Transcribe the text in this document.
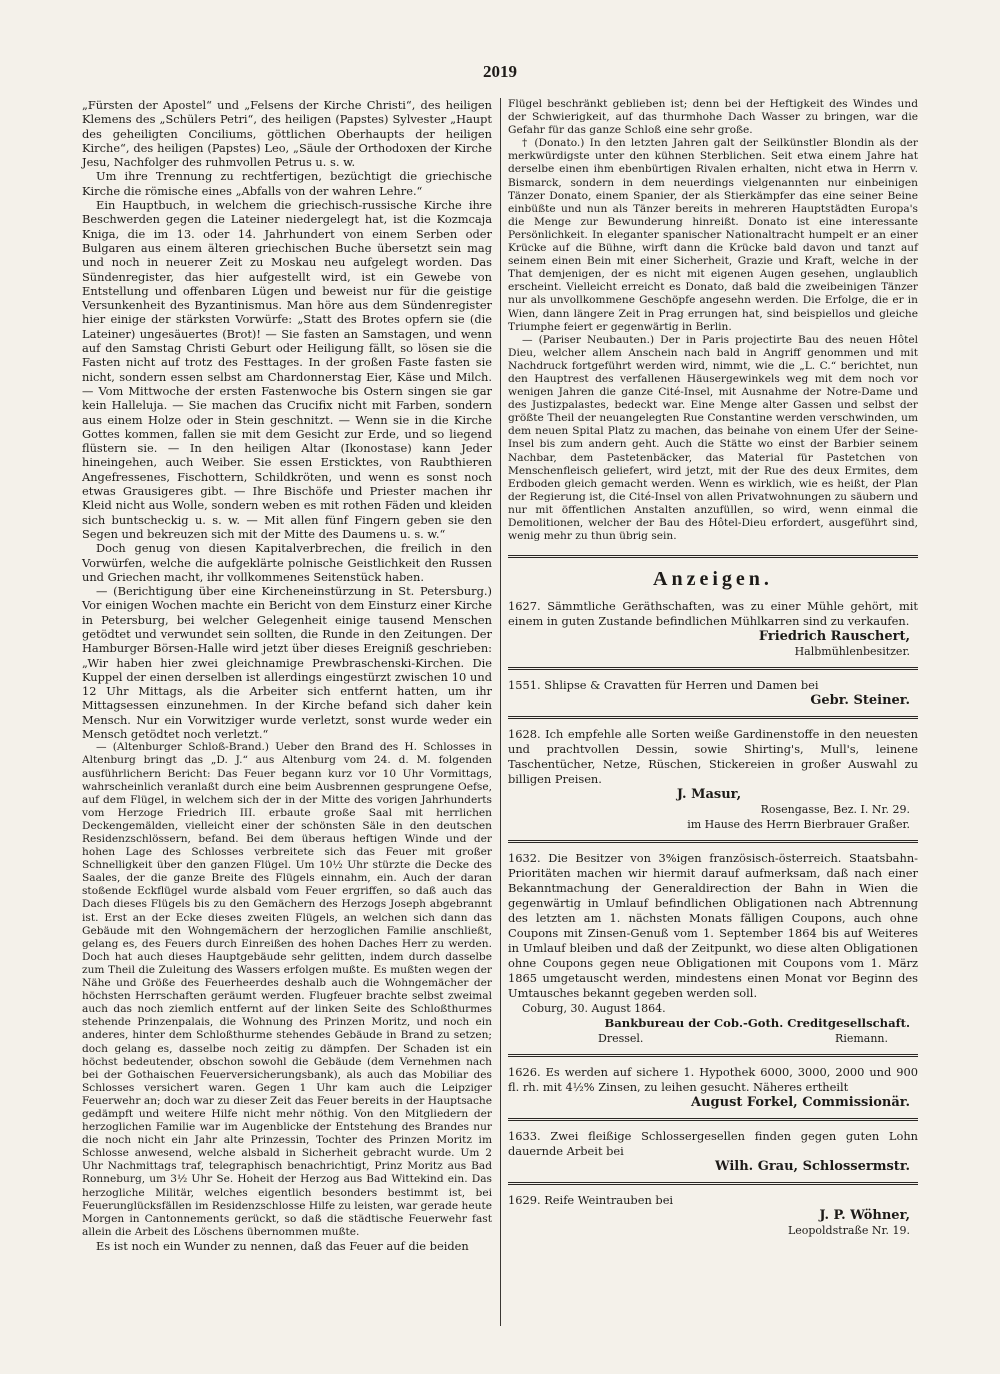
2019

„Fürsten der Apostel“ und „Felsens der Kirche Christi“, des heiligen Klemens des „Schülers Petri“, des heiligen (Papstes) Sylvester „Haupt des geheiligten Conciliums, göttlichen Oberhaupts der heiligen Kirche“, des heiligen (Papstes) Leo, „Säule der Orthodoxen der Kirche Jesu, Nachfolger des ruhmvollen Petrus u. s. w.

Um ihre Trennung zu rechtfertigen, bezüchtigt die griechische Kirche die römische eines „Abfalls von der wahren Lehre.“

Ein Hauptbuch, in welchem die griechisch-russische Kirche ihre Beschwerden gegen die Lateiner niedergelegt hat, ist die Kozmcaja Kniga, die im 13. oder 14. Jahrhundert von einem Serben oder Bulgaren aus einem älteren griechischen Buche übersetzt sein mag und noch in neuerer Zeit zu Moskau neu aufgelegt worden. Das Sündenregister, das hier aufgestellt wird, ist ein Gewebe von Entstellung und offenbaren Lügen und beweist nur für die geistige Versunkenheit des Byzantinismus. Man höre aus dem Sündenregister hier einige der stärksten Vorwürfe: „Statt des Brotes opfern sie (die Lateiner) ungesäuertes (Brot)! — Sie fasten an Samstagen, und wenn auf den Samstag Christi Geburt oder Heiligung fällt, so lösen sie die Fasten nicht auf trotz des Festtages. In der großen Faste fasten sie nicht, sondern essen selbst am Chardonnerstag Eier, Käse und Milch. — Vom Mittwoche der ersten Fastenwoche bis Ostern singen sie gar kein Halleluja. — Sie machen das Crucifix nicht mit Farben, sondern aus einem Holze oder in Stein geschnitzt. — Wenn sie in die Kirche Gottes kommen, fallen sie mit dem Gesicht zur Erde, und so liegend flüstern sie. — In den heiligen Altar (Ikonostase) kann Jeder hineingehen, auch Weiber. Sie essen Ersticktes, von Raubthieren Angefressenes, Fischottern, Schildkröten, und wenn es sonst noch etwas Grausigeres gibt. — Ihre Bischöfe und Priester machen ihr Kleid nicht aus Wolle, sondern weben es mit rothen Fäden und kleiden sich buntscheckig u. s. w. — Mit allen fünf Fingern geben sie den Segen und bekreuzen sich mit der Mitte des Daumens u. s. w.“

Doch genug von diesen Kapitalverbrechen, die freilich in den Vorwürfen, welche die aufgeklärte polnische Geistlichkeit den Russen und Griechen macht, ihr vollkommenes Seitenstück haben.

— (Berichtigung über eine Kircheneinstürzung in St. Petersburg.) Vor einigen Wochen machte ein Bericht von dem Einsturz einer Kirche in Petersburg, bei welcher Gelegenheit einige tausend Menschen getödtet und verwundet sein sollten, die Runde in den Zeitungen. Der Hamburger Börsen-Halle wird jetzt über dieses Ereigniß geschrieben: „Wir haben hier zwei gleichnamige Prewbraschenski-Kirchen. Die Kuppel der einen derselben ist allerdings eingestürzt zwischen 10 und 12 Uhr Mittags, als die Arbeiter sich entfernt hatten, um ihr Mittagsessen einzunehmen. In der Kirche befand sich daher kein Mensch. Nur ein Vorwitziger wurde verletzt, sonst wurde weder ein Mensch getödtet noch verletzt.“

— (Altenburger Schloß-Brand.) Ueber den Brand des H. Schlosses in Altenburg bringt das „D. J.“ aus Altenburg vom 24. d. M. folgenden ausführlichern Bericht: Das Feuer begann kurz vor 10 Uhr Vormittags, wahrscheinlich veranlaßt durch eine beim Ausbrennen gesprungene Oefse, auf dem Flügel, in welchem sich der in der Mitte des vorigen Jahrhunderts vom Herzoge Friedrich III. erbaute große Saal mit herrlichen Deckengemälden, vielleicht einer der schönsten Säle in den deutschen Residenzschlössern, befand. Bei dem überaus heftigen Winde und der hohen Lage des Schlosses verbreitete sich das Feuer mit großer Schnelligkeit über den ganzen Flügel. Um 10½ Uhr stürzte die Decke des Saales, der die ganze Breite des Flügels einnahm, ein. Auch der daran stoßende Eckflügel wurde alsbald vom Feuer ergriffen, so daß auch das Dach dieses Flügels bis zu den Gemächern des Herzogs Joseph abgebrannt ist. Erst an der Ecke dieses zweiten Flügels, an welchen sich dann das Gebäude mit den Wohngemächern der herzoglichen Familie anschließt, gelang es, des Feuers durch Einreißen des hohen Daches Herr zu werden. Doch hat auch dieses Hauptgebäude sehr gelitten, indem durch dasselbe zum Theil die Zuleitung des Wassers erfolgen mußte. Es mußten wegen der Nähe und Größe des Feuerheerdes deshalb auch die Wohngemächer der höchsten Herrschaften geräumt werden. Flugfeuer brachte selbst zweimal auch das noch ziemlich entfernt auf der linken Seite des Schloßthurmes stehende Prinzenpalais, die Wohnung des Prinzen Moritz, und noch ein anderes, hinter dem Schloßthurme stehendes Gebäude in Brand zu setzen; doch gelang es, dasselbe noch zeitig zu dämpfen. Der Schaden ist ein höchst bedeutender, obschon sowohl die Gebäude (dem Vernehmen nach bei der Gothaischen Feuerversicherungsbank), als auch das Mobiliar des Schlosses versichert waren. Gegen 1 Uhr kam auch die Leipziger Feuerwehr an; doch war zu dieser Zeit das Feuer bereits in der Hauptsache gedämpft und weitere Hilfe nicht mehr nöthig. Von den Mitgliedern der herzoglichen Familie war im Augenblicke der Entstehung des Brandes nur die noch nicht ein Jahr alte Prinzessin, Tochter des Prinzen Moritz im Schlosse anwesend, welche alsbald in Sicherheit gebracht wurde. Um 2 Uhr Nachmittags traf, telegraphisch benachrichtigt, Prinz Moritz aus Bad Ronneburg, um 3½ Uhr Se. Hoheit der Herzog aus Bad Wittekind ein. Das herzogliche Militär, welches eigentlich besonders bestimmt ist, bei Feuerunglücksfällen im Residenzschlosse Hilfe zu leisten, war gerade heute Morgen in Cantonnements gerückt, so daß die städtische Feuerwehr fast allein die Arbeit des Löschens übernommen mußte.

Es ist noch ein Wunder zu nennen, daß das Feuer auf die beiden

Flügel beschränkt geblieben ist; denn bei der Heftigkeit des Windes und der Schwierigkeit, auf das thurmhohe Dach Wasser zu bringen, war die Gefahr für das ganze Schloß eine sehr große.

† (Donato.) In den letzten Jahren galt der Seilkünstler Blondin als der merkwürdigste unter den kühnen Sterblichen. Seit etwa einem Jahre hat derselbe einen ihm ebenbürtigen Rivalen erhalten, nicht etwa in Herrn v. Bismarck, sondern in dem neuerdings vielgenannten nur einbeinigen Tänzer Donato, einem Spanier, der als Stierkämpfer das eine seiner Beine einbüßte und nun als Tänzer bereits in mehreren Hauptstädten Europa's die Menge zur Bewunderung hinreißt. Donato ist eine interessante Persönlichkeit. In eleganter spanischer Nationaltracht humpelt er an einer Krücke auf die Bühne, wirft dann die Krücke bald davon und tanzt auf seinem einen Bein mit einer Sicherheit, Grazie und Kraft, welche in der That demjenigen, der es nicht mit eigenen Augen gesehen, unglaublich erscheint. Vielleicht erreicht es Donato, daß bald die zweibeinigen Tänzer nur als unvollkommene Geschöpfe angesehn werden. Die Erfolge, die er in Wien, dann längere Zeit in Prag errungen hat, sind beispiellos und gleiche Triumphe feiert er gegenwärtig in Berlin.

— (Pariser Neubauten.) Der in Paris projectirte Bau des neuen Hôtel Dieu, welcher allem Anschein nach bald in Angriff genommen und mit Nachdruck fortgeführt werden wird, nimmt, wie die „L. C.“ berichtet, nun den Hauptrest des verfallenen Häusergewinkels weg mit dem noch vor wenigen Jahren die ganze Cité-Insel, mit Ausnahme der Notre-Dame und des Justizpalastes, bedeckt war. Eine Menge alter Gassen und selbst der größte Theil der neuangelegten Rue Constantine werden verschwinden, um dem neuen Spital Platz zu machen, das beinahe von einem Ufer der Seine-Insel bis zum andern geht. Auch die Stätte wo einst der Barbier seinem Nachbar, dem Pastetenbäcker, das Material für Pastetchen von Menschenfleisch geliefert, wird jetzt, mit der Rue des deux Ermites, dem Erdboden gleich gemacht werden. Wenn es wirklich, wie es heißt, der Plan der Regierung ist, die Cité-Insel von allen Privatwohnungen zu säubern und nur mit öffentlichen Anstalten anzufüllen, so wird, wenn einmal die Demolitionen, welcher der Bau des Hôtel-Dieu erfordert, ausgeführt sind, wenig mehr zu thun übrig sein.

Anzeigen.
1627. Sämmtliche Geräthschaften, was zu einer Mühle gehört, mit einem in guten Zustande befindlichen Mühlkarren sind zu verkaufen.
Friedrich Rauschert,
Halbmühlenbesitzer.
1551. Shlipse & Cravatten für Herren und Damen bei
Gebr. Steiner.
1628. Ich empfehle alle Sorten weiße Gardinenstoffe in den neuesten und prachtvollen Dessin, sowie Shirting's, Mull's, leinene Taschentücher, Netze, Rüschen, Stickereien in großer Auswahl zu billigen Preisen.
J. Masur,
Rosengasse, Bez. I. Nr. 29.
im Hause des Herrn Bierbrauer Graßer.
1632. Die Besitzer von 3%igen französisch-österreich. Staatsbahn-Prioritäten machen wir hiermit darauf aufmerksam, daß nach einer Bekanntmachung der Generaldirection der Bahn in Wien die gegenwärtig in Umlauf befindlichen Obligationen nach Abtrennung des letzten am 1. nächsten Monats fälligen Coupons, auch ohne Coupons mit Zinsen-Genuß vom 1. September 1864 bis auf Weiteres in Umlauf bleiben und daß der Zeitpunkt, wo diese alten Obligationen ohne Coupons gegen neue Obligationen mit Coupons vom 1. März 1865 umgetauscht werden, mindestens einen Monat vor Beginn des Umtausches bekannt gegeben werden soll.
Coburg, 30. August 1864.
Bankbureau der Cob.-Goth. Creditgesellschaft.
Dressel.	Riemann.
1626. Es werden auf sichere 1. Hypothek 6000, 3000, 2000 und 900 fl. rh. mit 4½% Zinsen, zu leihen gesucht. Näheres ertheilt
August Forkel, Commissionär.
1633. Zwei fleißige Schlossergesellen finden gegen guten Lohn dauernde Arbeit bei
Wilh. Grau, Schlossermstr.
1629. Reife Weintrauben bei
J. P. Wöhner,
Leopoldstraße Nr. 19.
